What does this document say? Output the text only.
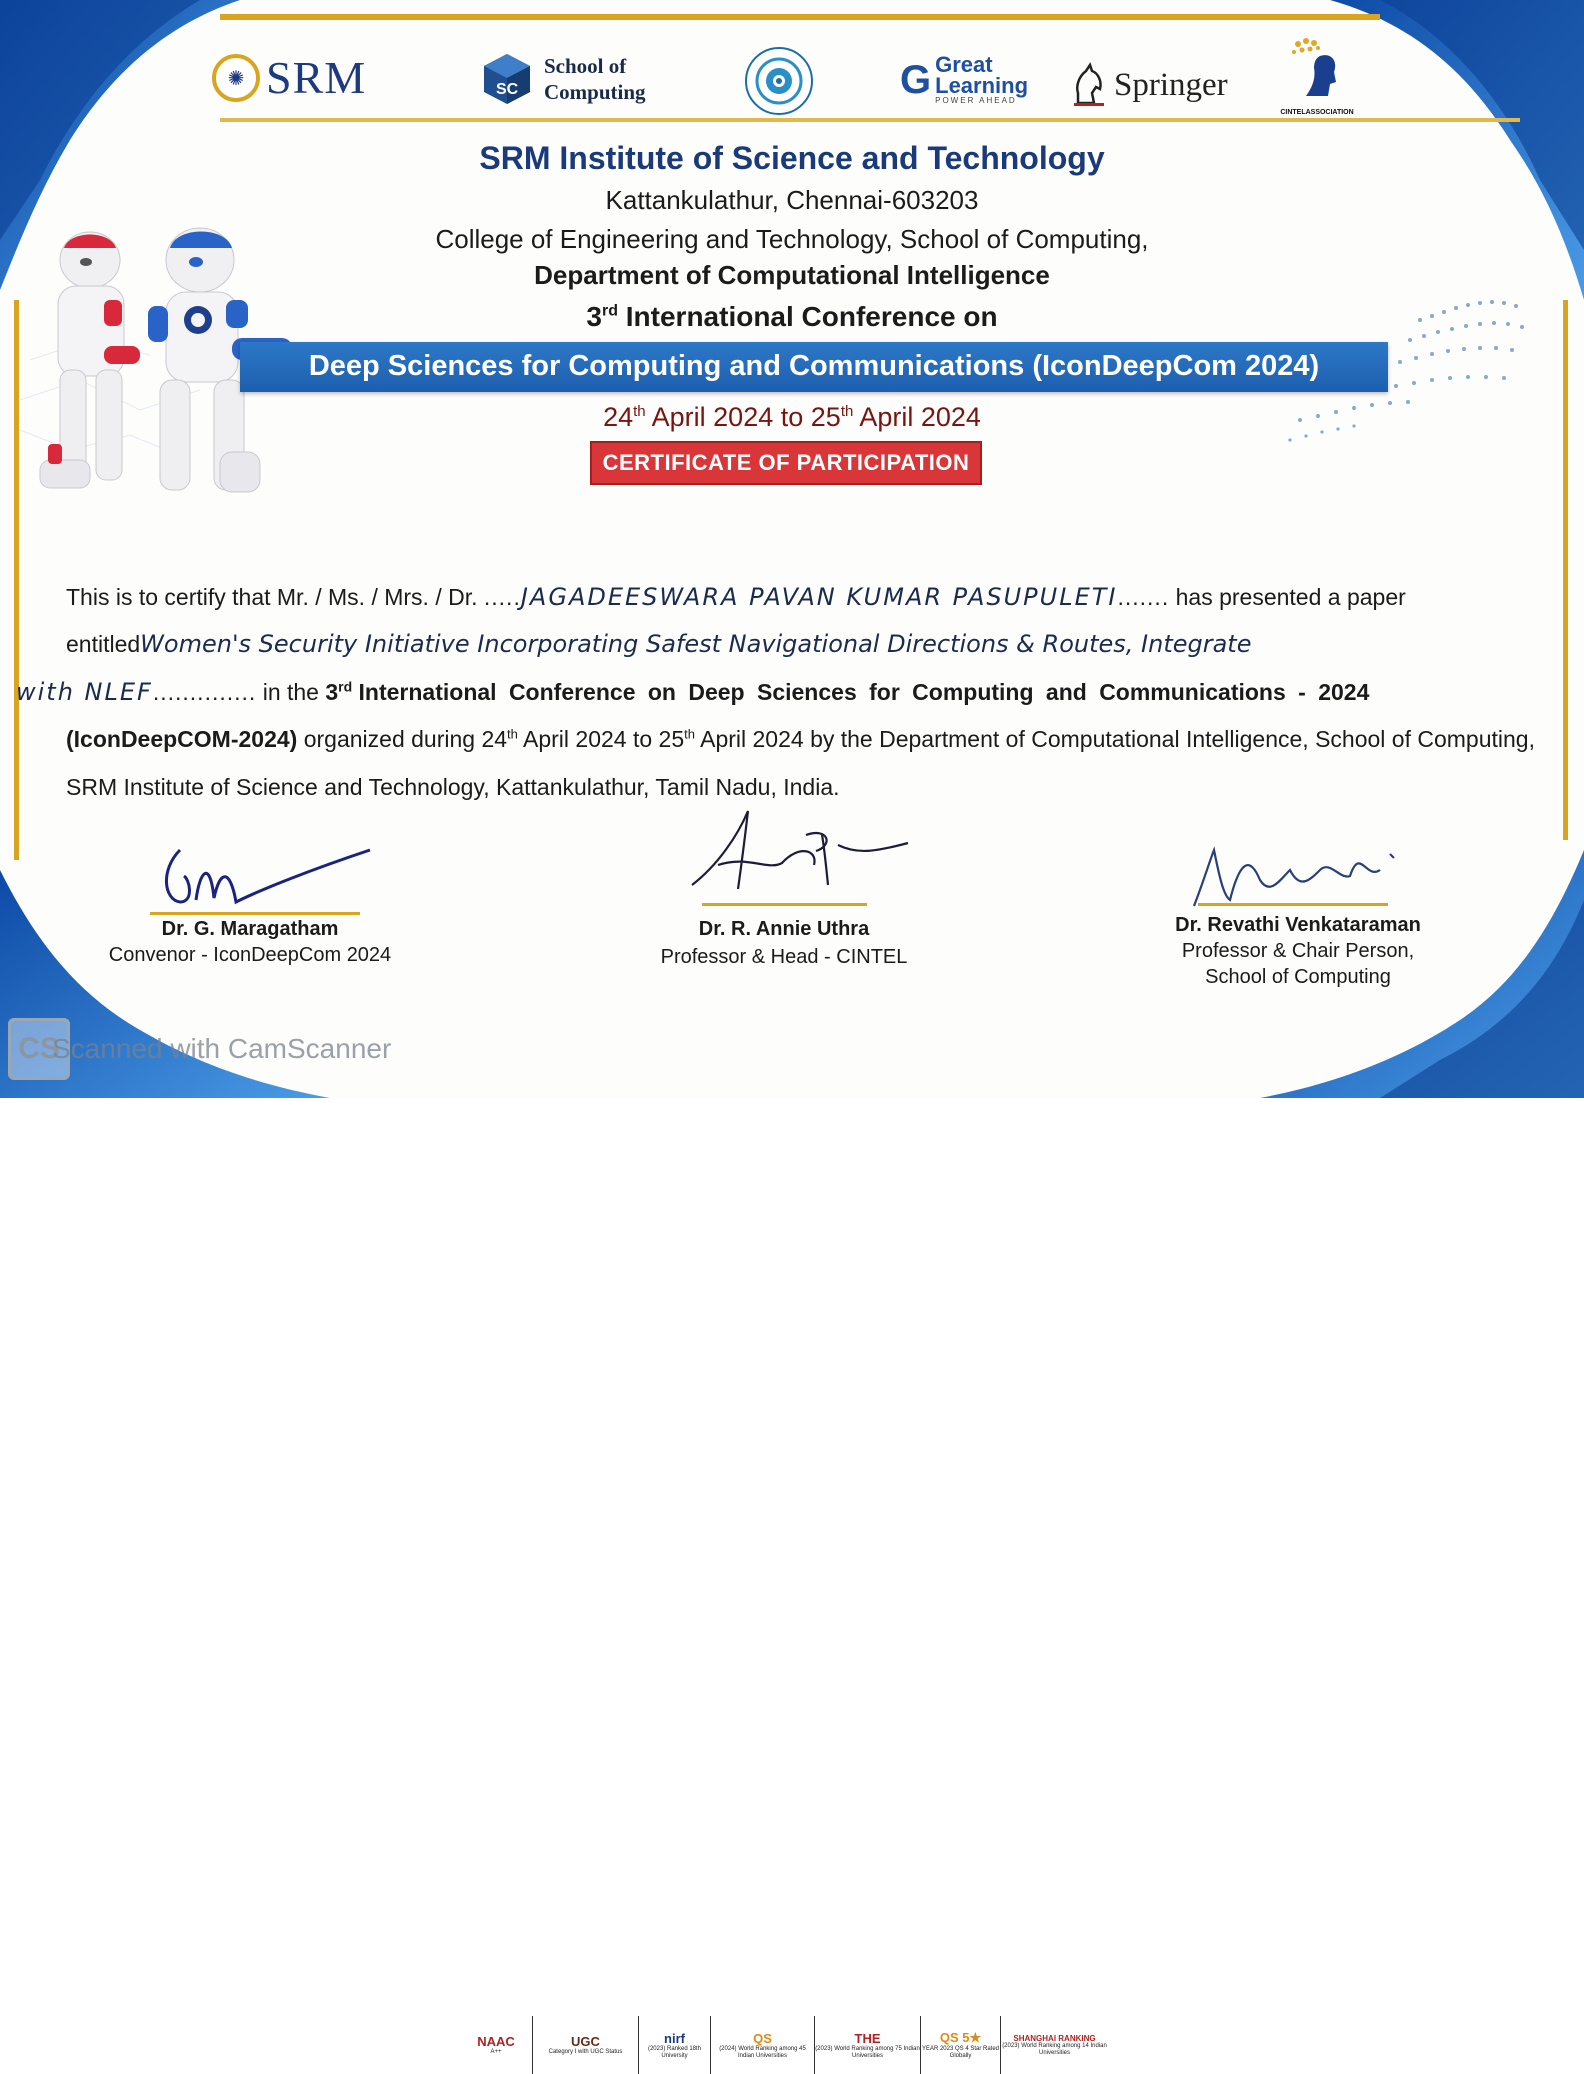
✺ SRM	SC
School of
Computing	G Great
Learning
POWER AHEAD	Springer
CINTELASSOCIATION
SRM Institute of Science and Technology
Kattankulathur, Chennai-603203
College of Engineering and Technology, School of Computing,
Department of Computational Intelligence
3rd International Conference on
Deep Sciences for Computing and Communications (IconDeepCom 2024)
24th April 2024 to 25th April 2024
CERTIFICATE OF PARTICIPATION
This is to certify that Mr. / Ms. / Mrs. / Dr. .....JAGADEESWARA PAVAN KUMAR PASUPULETI....... has presented a paper
entitledWomen's Security Initiative Incorporating Safest Navigational Directions & Routes, Integrate
with NLEF.............. in the 3rd International Conference on Deep Sciences for Computing and Communications - 2024
(IconDeepCOM-2024) organized during 24th April 2024 to 25th April 2024 by the Department of Computational Intelligence, School of Computing,
SRM Institute of Science and Technology, Kattankulathur, Tamil Nadu, India.
Dr. G. Maragatham
Convenor - IconDeepCom 2024
Dr. R. Annie Uthra
Professor & Head - CINTEL
Dr. Revathi Venkataraman
Professor & Chair Person,
School of Computing
NAAC
A++
UGC
Category I with UGC Status
nirf
(2023) Ranked 18th University
QS
(2024) World Ranking among 45 Indian Universities
THE
(2023) World Ranking among 75 Indian Universities
QS 5★
YEAR 2023 QS 4 Star Rated Globally
SHANGHAI RANKING
(2023) World Ranking among 14 Indian Universities
CS
Scanned with CamScanner
